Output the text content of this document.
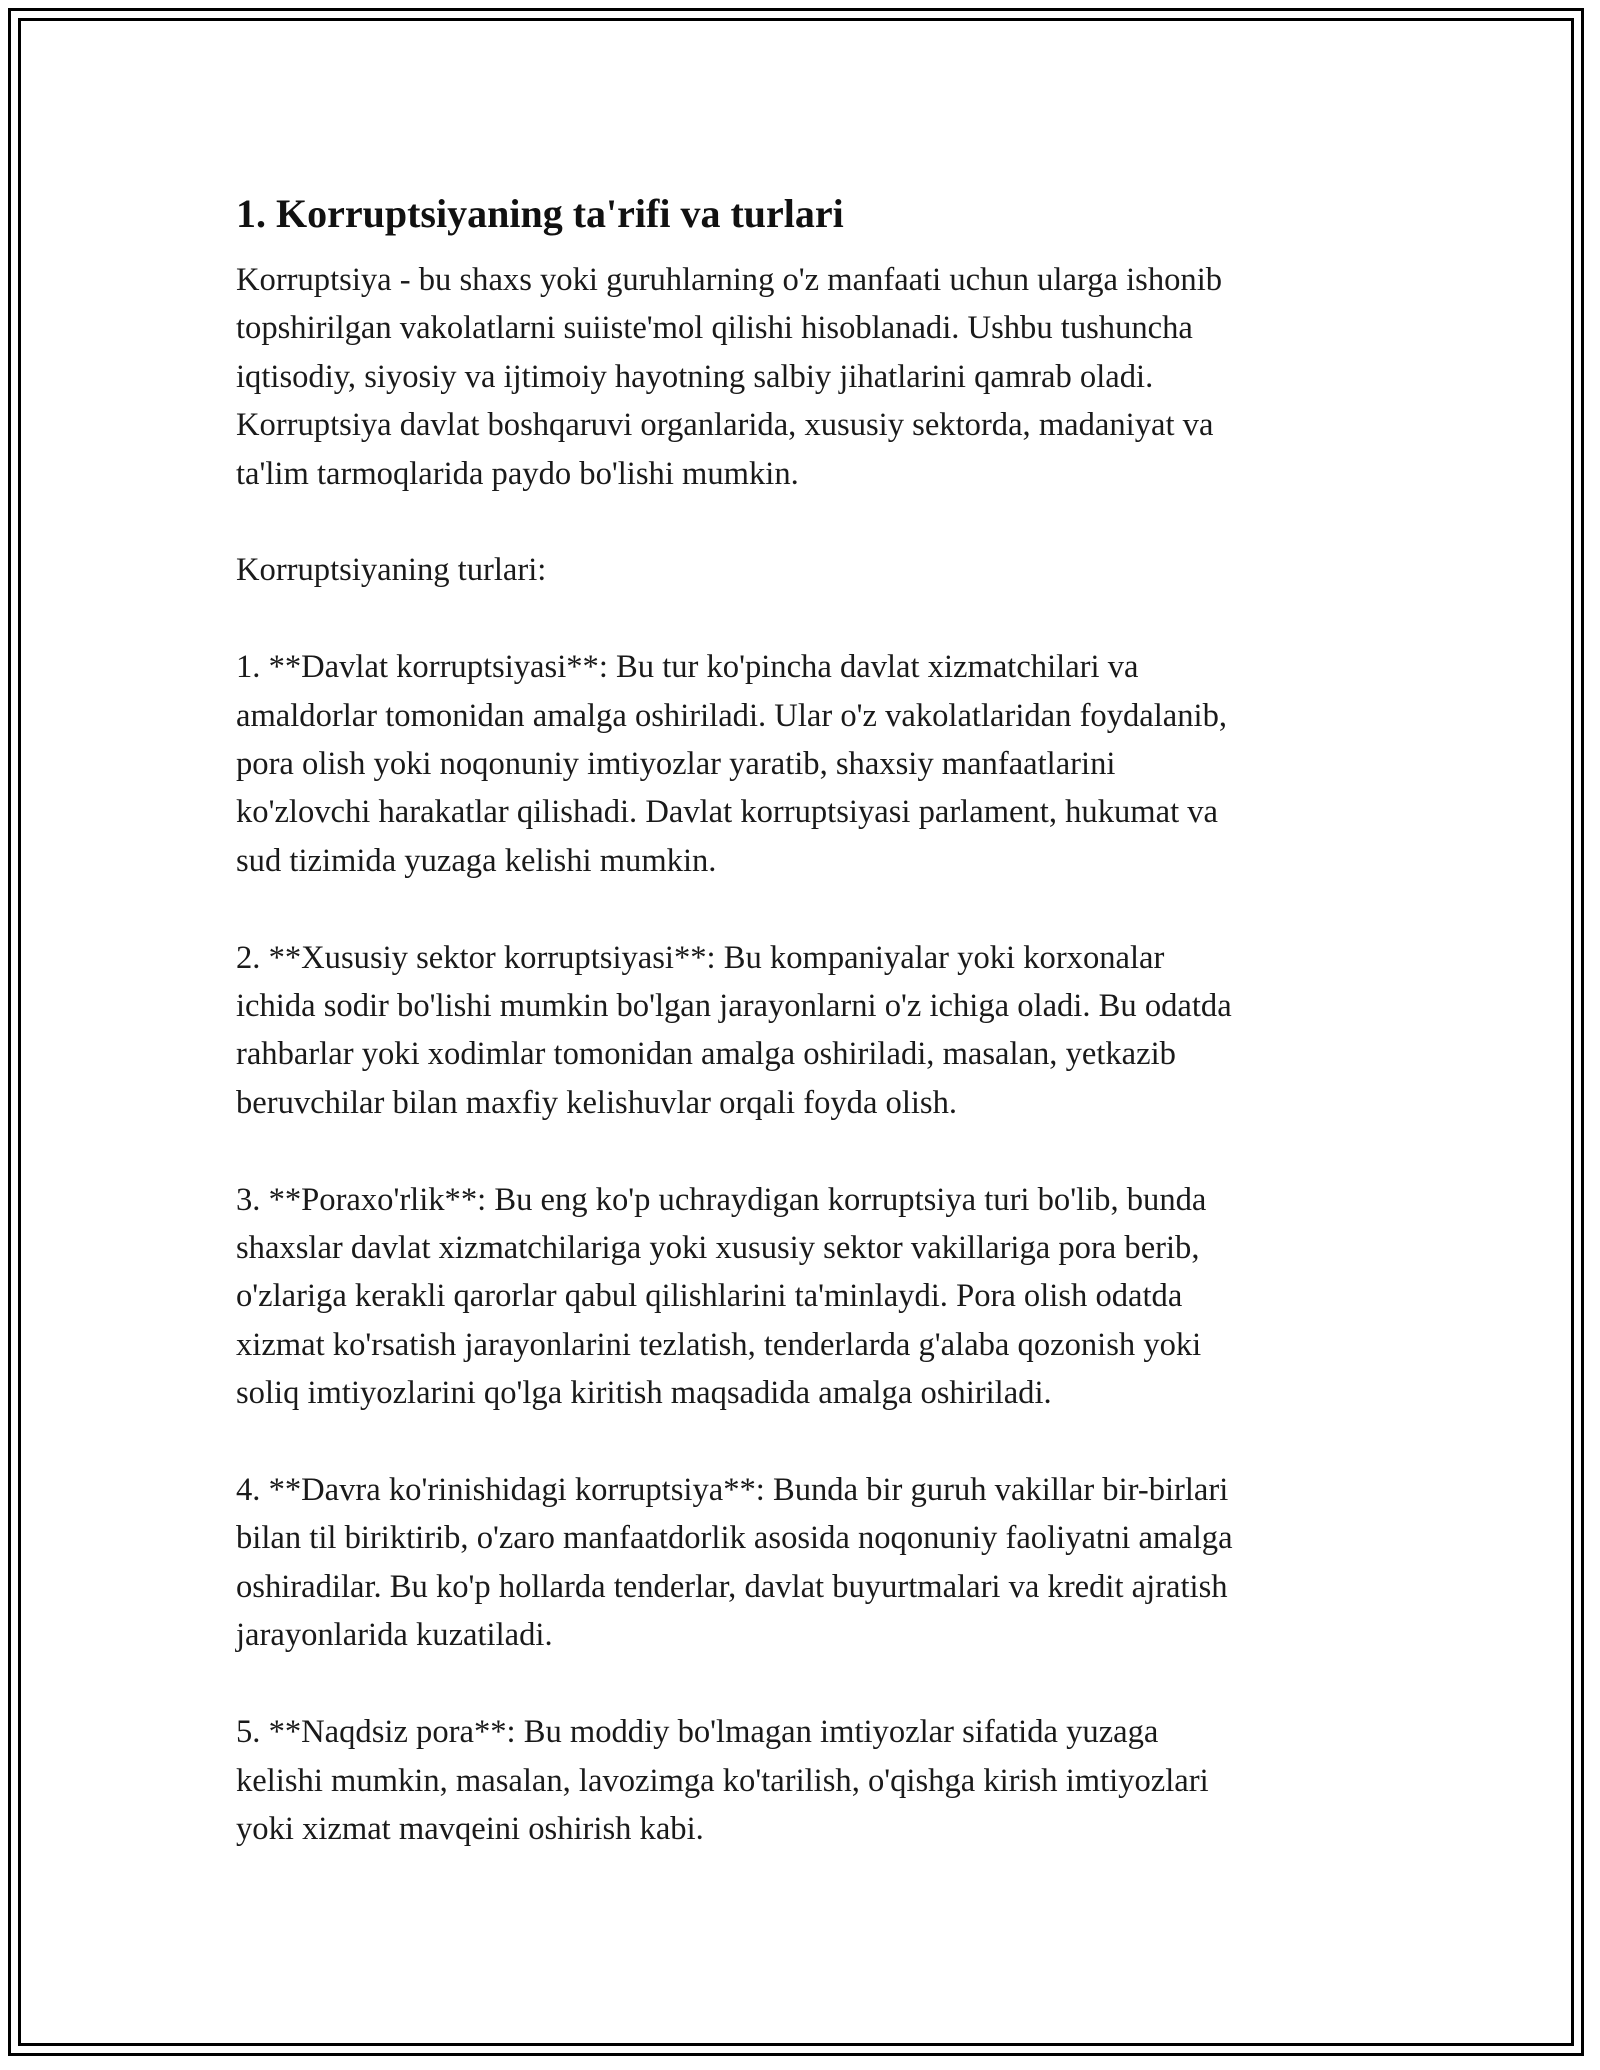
1. Korruptsiyaning ta'rifi va turlari

Korruptsiya - bu shaxs yoki guruhlarning o'z manfaati uchun ularga ishonib
topshirilgan vakolatlarni suiiste'mol qilishi hisoblanadi. Ushbu tushuncha
iqtisodiy, siyosiy va ijtimoiy hayotning salbiy jihatlarini qamrab oladi.
Korruptsiya davlat boshqaruvi organlarida, xususiy sektorda, madaniyat va
ta'lim tarmoqlarida paydo bo'lishi mumkin.

Korruptsiyaning turlari:

1. **Davlat korruptsiyasi**: Bu tur ko'pincha davlat xizmatchilari va
amaldorlar tomonidan amalga oshiriladi. Ular o'z vakolatlaridan foydalanib,
pora olish yoki noqonuniy imtiyozlar yaratib, shaxsiy manfaatlarini
ko'zlovchi harakatlar qilishadi. Davlat korruptsiyasi parlament, hukumat va
sud tizimida yuzaga kelishi mumkin.

2. **Xususiy sektor korruptsiyasi**: Bu kompaniyalar yoki korxonalar
ichida sodir bo'lishi mumkin bo'lgan jarayonlarni o'z ichiga oladi. Bu odatda
rahbarlar yoki xodimlar tomonidan amalga oshiriladi, masalan, yetkazib
beruvchilar bilan maxfiy kelishuvlar orqali foyda olish.

3. **Poraxo'rlik**: Bu eng ko'p uchraydigan korruptsiya turi bo'lib, bunda
shaxslar davlat xizmatchilariga yoki xususiy sektor vakillariga pora berib,
o'zlariga kerakli qarorlar qabul qilishlarini ta'minlaydi. Pora olish odatda
xizmat ko'rsatish jarayonlarini tezlatish, tenderlarda g'alaba qozonish yoki
soliq imtiyozlarini qo'lga kiritish maqsadida amalga oshiriladi.

4. **Davra ko'rinishidagi korruptsiya**: Bunda bir guruh vakillar bir-birlari
bilan til biriktirib, o'zaro manfaatdorlik asosida noqonuniy faoliyatni amalga
oshiradilar. Bu ko'p hollarda tenderlar, davlat buyurtmalari va kredit ajratish
jarayonlarida kuzatiladi.

5. **Naqdsiz pora**: Bu moddiy bo'lmagan imtiyozlar sifatida yuzaga
kelishi mumkin, masalan, lavozimga ko'tarilish, o'qishga kirish imtiyozlari
yoki xizmat mavqeini oshirish kabi.
